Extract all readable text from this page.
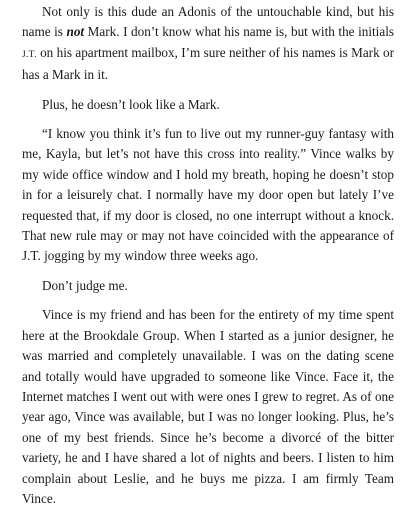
Not only is this dude an Adonis of the untouchable kind, but his name is not Mark. I don’t know what his name is, but with the initials J.T. on his apartment mailbox, I’m sure neither of his names is Mark or has a Mark in it.

Plus, he doesn’t look like a Mark.

“I know you think it’s fun to live out my runner-guy fantasy with me, Kayla, but let’s not have this cross into reality.” Vince walks by my wide office window and I hold my breath, hoping he doesn’t stop in for a leisurely chat. I normally have my door open but lately I’ve requested that, if my door is closed, no one interrupt without a knock. That new rule may or may not have coincided with the appearance of J.T. jogging by my window three weeks ago.

Don’t judge me.

Vince is my friend and has been for the entirety of my time spent here at the Brookdale Group. When I started as a junior designer, he was married and completely unavailable. I was on the dating scene and totally would have upgraded to someone like Vince. Face it, the Internet matches I went out with were ones I grew to regret. As of one year ago, Vince was available, but I was no longer looking. Plus, he’s one of my best friends. Since he’s become a divorcé of the bitter variety, he and I have shared a lot of nights and beers. I listen to him complain about Leslie, and he buys me pizza. I am firmly Team Vince.
